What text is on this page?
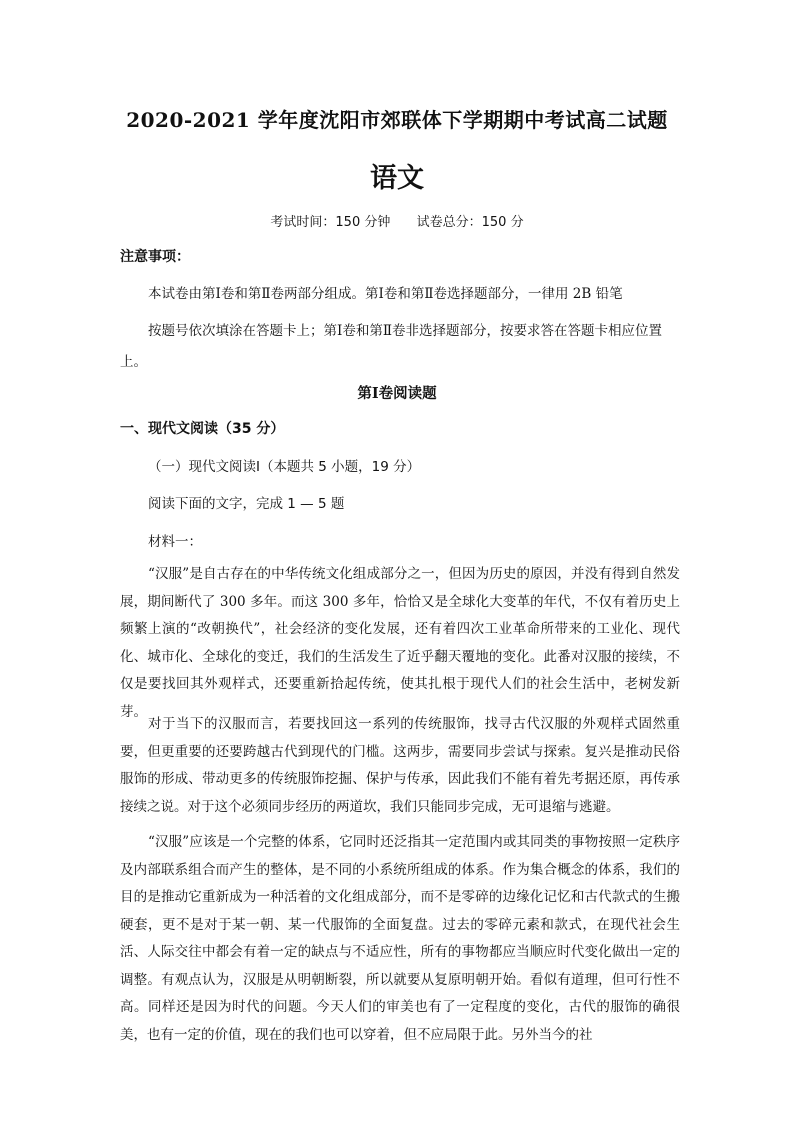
2020-2021 学年度沈阳市郊联体下学期期中考试高二试题
语文
考试时间：150 分钟 试卷总分：150 分
注意事项：

本试卷由第Ⅰ卷和第Ⅱ卷两部分组成。第Ⅰ卷和第Ⅱ卷选择题部分，一律用 2B 铅笔

按题号依次填涂在答题卡上；第Ⅰ卷和第Ⅱ卷非选择题部分，按要求答在答题卡相应位置上。

第Ⅰ卷阅读题
一、现代文阅读（35 分）
（一）现代文阅读Ⅰ（本题共 5 小题，19 分）
阅读下面的文字，完成 1 — 5 题
材料一：

“汉服”是自古存在的中华传统文化组成部分之一，但因为历史的原因，并没有得到自然发展，期间断代了 300 多年。而这 300 多年，恰恰又是全球化大变革的年代，不仅有着历史上频繁上演的“改朝换代”，社会经济的变化发展，还有着四次工业革命所带来的工业化、现代化、城市化、全球化的变迁，我们的生活发生了近乎翻天覆地的变化。此番对汉服的接续，不仅是要找回其外观样式，还要重新拾起传统，使其扎根于现代人们的社会生活中，老树发新芽。

对于当下的汉服而言，若要找回这一系列的传统服饰，找寻古代汉服的外观样式固然重要，但更重要的还要跨越古代到现代的门槛。这两步，需要同步尝试与探索。复兴是推动民俗服饰的形成、带动更多的传统服饰挖掘、保护与传承，因此我们不能有着先考据还原，再传承接续之说。对于这个必须同步经历的两道坎，我们只能同步完成，无可退缩与逃避。

“汉服”应该是一个完整的体系，它同时还泛指其一定范围内或其同类的事物按照一定秩序及内部联系组合而产生的整体，是不同的小系统所组成的体系。作为集合概念的体系，我们的目的是推动它重新成为一种活着的文化组成部分，而不是零碎的边缘化记忆和古代款式的生搬硬套，更不是对于某一朝、某一代服饰的全面复盘。过去的零碎元素和款式，在现代社会生活、人际交往中都会有着一定的缺点与不适应性，所有的事物都应当顺应时代变化做出一定的调整。有观点认为，汉服是从明朝断裂，所以就要从复原明朝开始。看似有道理，但可行性不高。同样还是因为时代的问题。今天人们的审美也有了一定程度的变化，古代的服饰的确很美，也有一定的价值，现在的我们也可以穿着，但不应局限于此。另外当今的社
